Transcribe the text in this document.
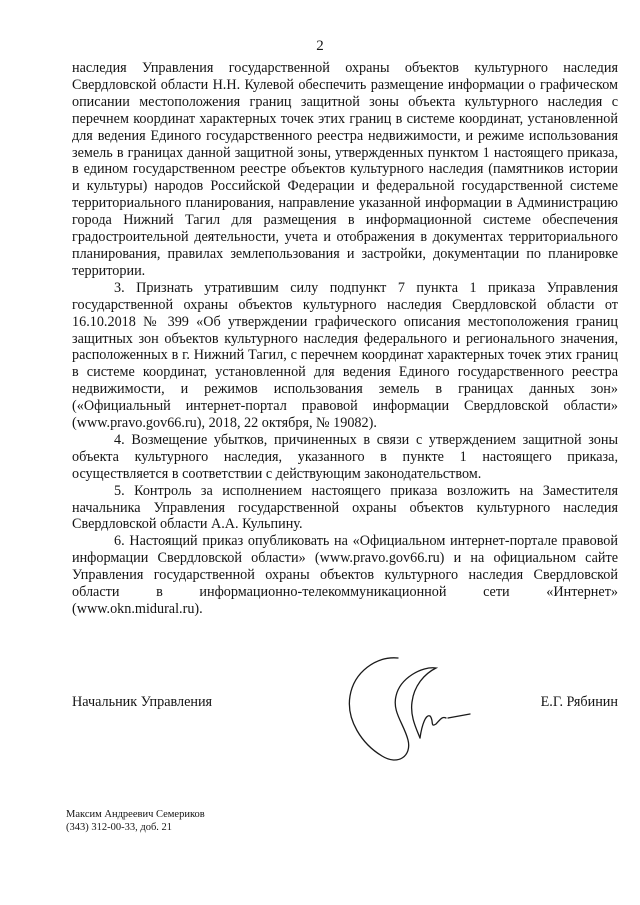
2

наследия Управления государственной охраны объектов культурного наследия Свердловской области Н.Н. Кулевой обеспечить размещение информации о графическом описании местоположения границ защитной зоны объекта культурного наследия с перечнем координат характерных точек этих границ в системе координат, установленной для ведения Единого государственного реестра недвижимости, и режиме использования земель в границах данной защитной зоны, утвержденных пунктом 1 настоящего приказа, в едином государственном реестре объектов культурного наследия (памятников истории и культуры) народов Российской Федерации и федеральной государственной системе территориального планирования, направление указанной информации в Администрацию города Нижний Тагил для размещения в информационной системе обеспечения градостроительной деятельности, учета и отображения в документах территориального планирования, правилах землепользования и застройки, документации по планировке территории.

3. Признать утратившим силу подпункт 7 пункта 1 приказа Управления государственной охраны объектов культурного наследия Свердловской области от 16.10.2018 № 399 «Об утверждении графического описания местоположения границ защитных зон объектов культурного наследия федерального и регионального значения, расположенных в г. Нижний Тагил, с перечнем координат характерных точек этих границ в системе координат, установленной для ведения Единого государственного реестра недвижимости, и режимов использования земель в границах данных зон» («Официальный интернет-портал правовой информации Свердловской области» (www.pravo.gov66.ru), 2018, 22 октября, № 19082).

4. Возмещение убытков, причиненных в связи с утверждением защитной зоны объекта культурного наследия, указанного в пункте 1 настоящего приказа, осуществляется в соответствии с действующим законодательством.

5. Контроль за исполнением настоящего приказа возложить на Заместителя начальника Управления государственной охраны объектов культурного наследия Свердловской области А.А. Кульпину.

6. Настоящий приказ опубликовать на «Официальном интернет-портале правовой информации Свердловской области» (www.pravo.gov66.ru) и на официальном сайте Управления государственной охраны объектов культурного наследия Свердловской области в информационно-телекоммуникационной сети «Интернет» (www.okn.midural.ru).

Начальник Управления	Е.Г. Рябинин
Максим Андреевич Семериков
(343) 312-00-33, доб. 21
